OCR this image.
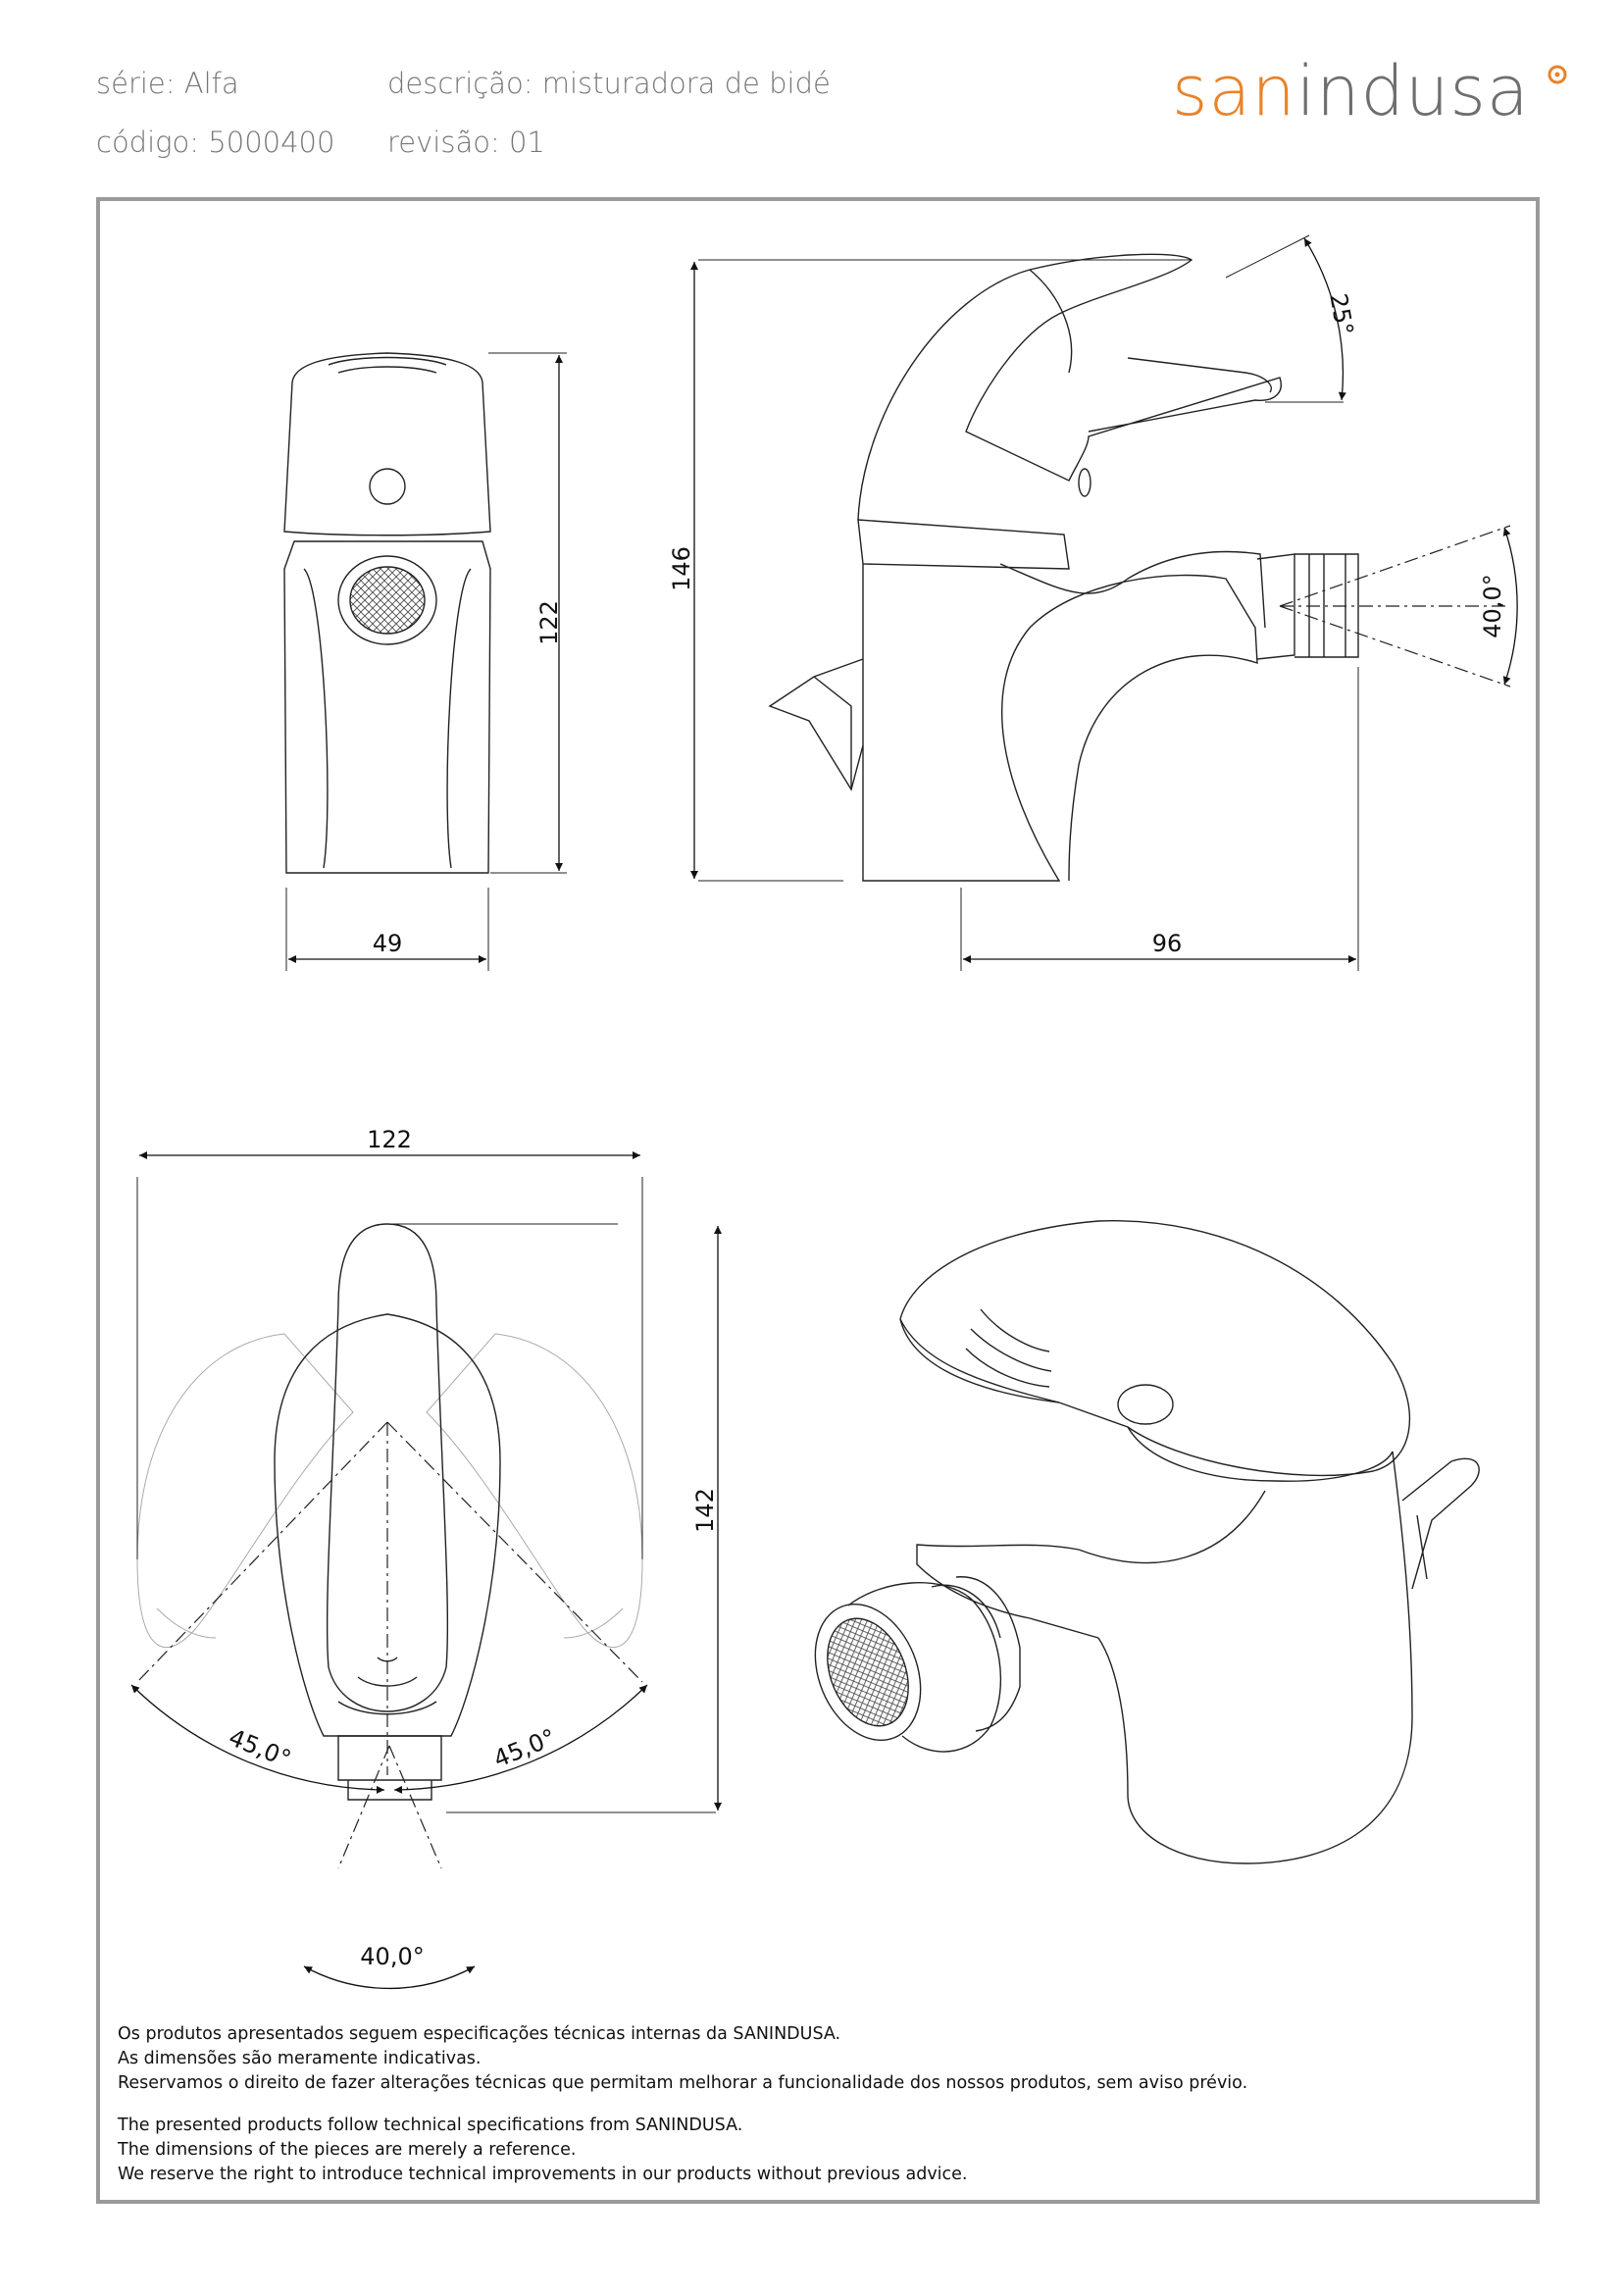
série: Alfa
código: 5000400
descrição: misturadora de bidé
revisão: 01
sanindusa
122
49
146
96
25°
40,0°
122
142
45,0°	45,0°
40,0°
Os produtos apresentados seguem especificações técnicas internas da SANINDUSA.
As dimensões são meramente indicativas.
Reservamos o direito de fazer alterações técnicas que permitam melhorar a funcionalidade dos nossos produtos, sem aviso prévio.
The presented products follow technical specifications from SANINDUSA.
The dimensions of the pieces are merely a reference.
We reserve the right to introduce technical improvements in our products without previous advice.
